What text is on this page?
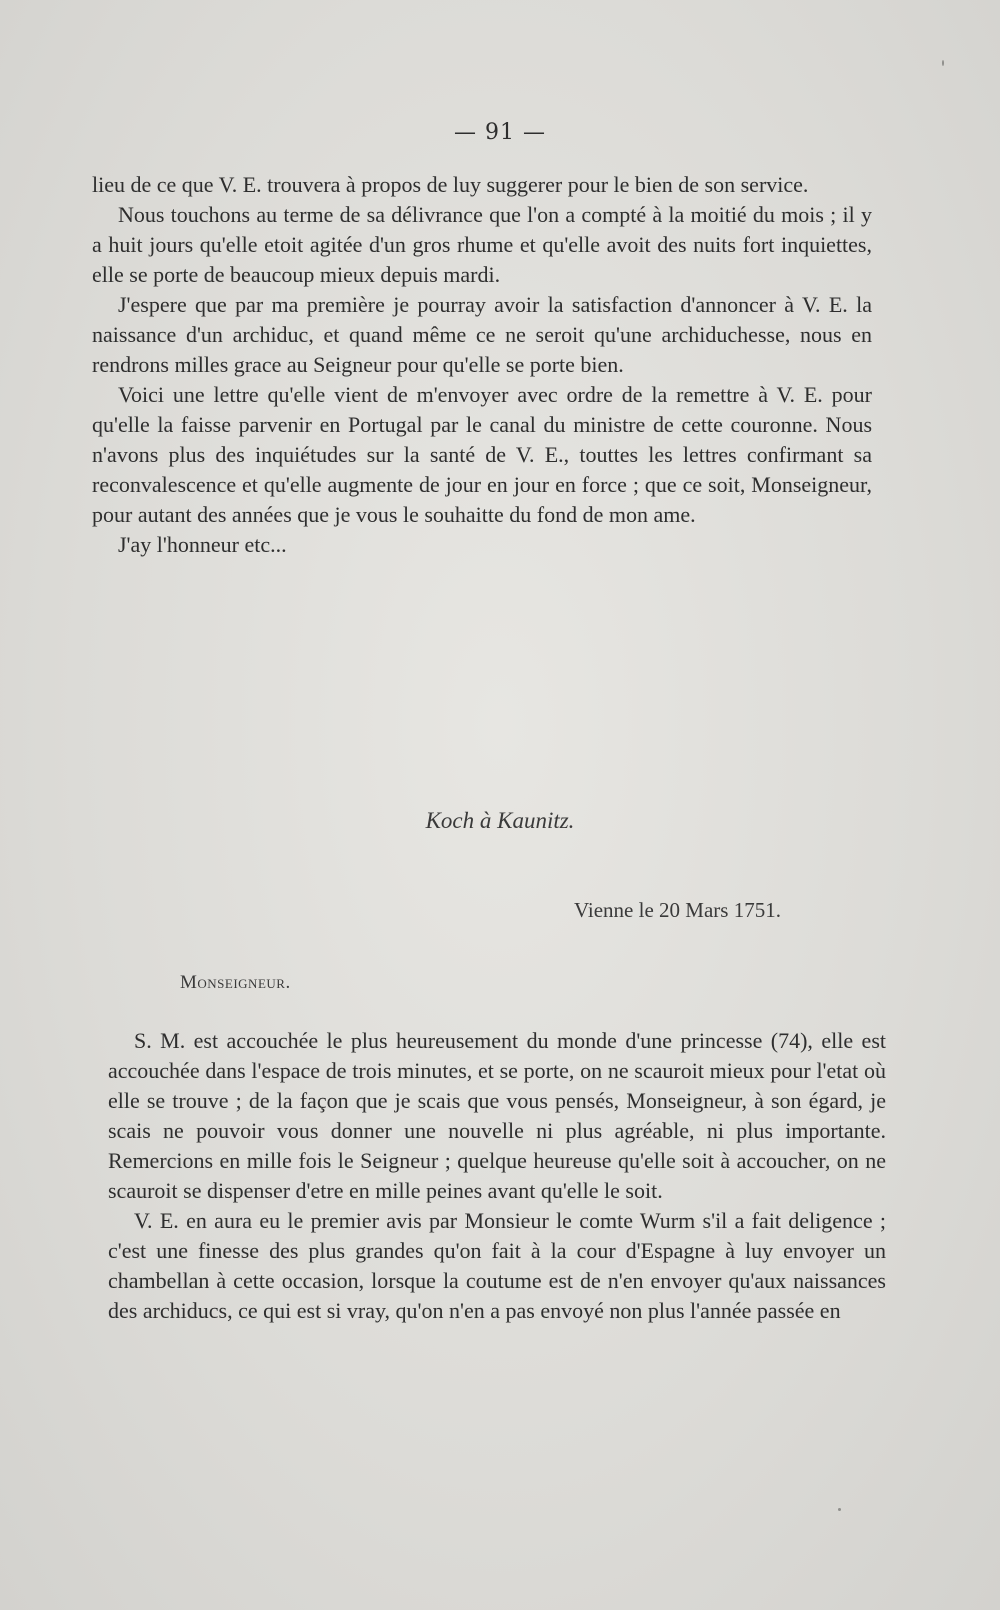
— 91 —

lieu de ce que V. E. trouvera à propos de luy suggerer pour le bien de son service.

Nous touchons au terme de sa délivrance que l'on a compté à la moitié du mois ; il y a huit jours qu'elle etoit agitée d'un gros rhume et qu'elle avoit des nuits fort inquiettes, elle se porte de beaucoup mieux depuis mardi.

J'espere que par ma première je pourray avoir la satisfaction d'annoncer à V. E. la naissance d'un archiduc, et quand même ce ne seroit qu'une archiduchesse, nous en rendrons milles grace au Seigneur pour qu'elle se porte bien.

Voici une lettre qu'elle vient de m'envoyer avec ordre de la remettre à V. E. pour qu'elle la faisse parvenir en Portugal par le canal du ministre de cette couronne. Nous n'avons plus des inquiétudes sur la santé de V. E., touttes les lettres confirmant sa reconvalescence et qu'elle augmente de jour en jour en force ; que ce soit, Monseigneur, pour autant des années que je vous le souhaitte du fond de mon ame.

J'ay l'honneur etc...

Koch à Kaunitz.
Vienne le 20 Mars 1751.
Monseigneur.

S. M. est accouchée le plus heureusement du monde d'une princesse (74), elle est accouchée dans l'espace de trois minutes, et se porte, on ne scauroit mieux pour l'etat où elle se trouve ; de la façon que je scais que vous pensés, Monseigneur, à son égard, je scais ne pouvoir vous donner une nouvelle ni plus agréable, ni plus importante. Remercions en mille fois le Seigneur ; quelque heureuse qu'elle soit à accoucher, on ne scauroit se dispenser d'etre en mille peines avant qu'elle le soit.

V. E. en aura eu le premier avis par Monsieur le comte Wurm s'il a fait deligence ; c'est une finesse des plus grandes qu'on fait à la cour d'Espagne à luy envoyer un chambellan à cette occasion, lorsque la coutume est de n'en envoyer qu'aux naissances des archiducs, ce qui est si vray, qu'on n'en a pas envoyé non plus l'année passée en
